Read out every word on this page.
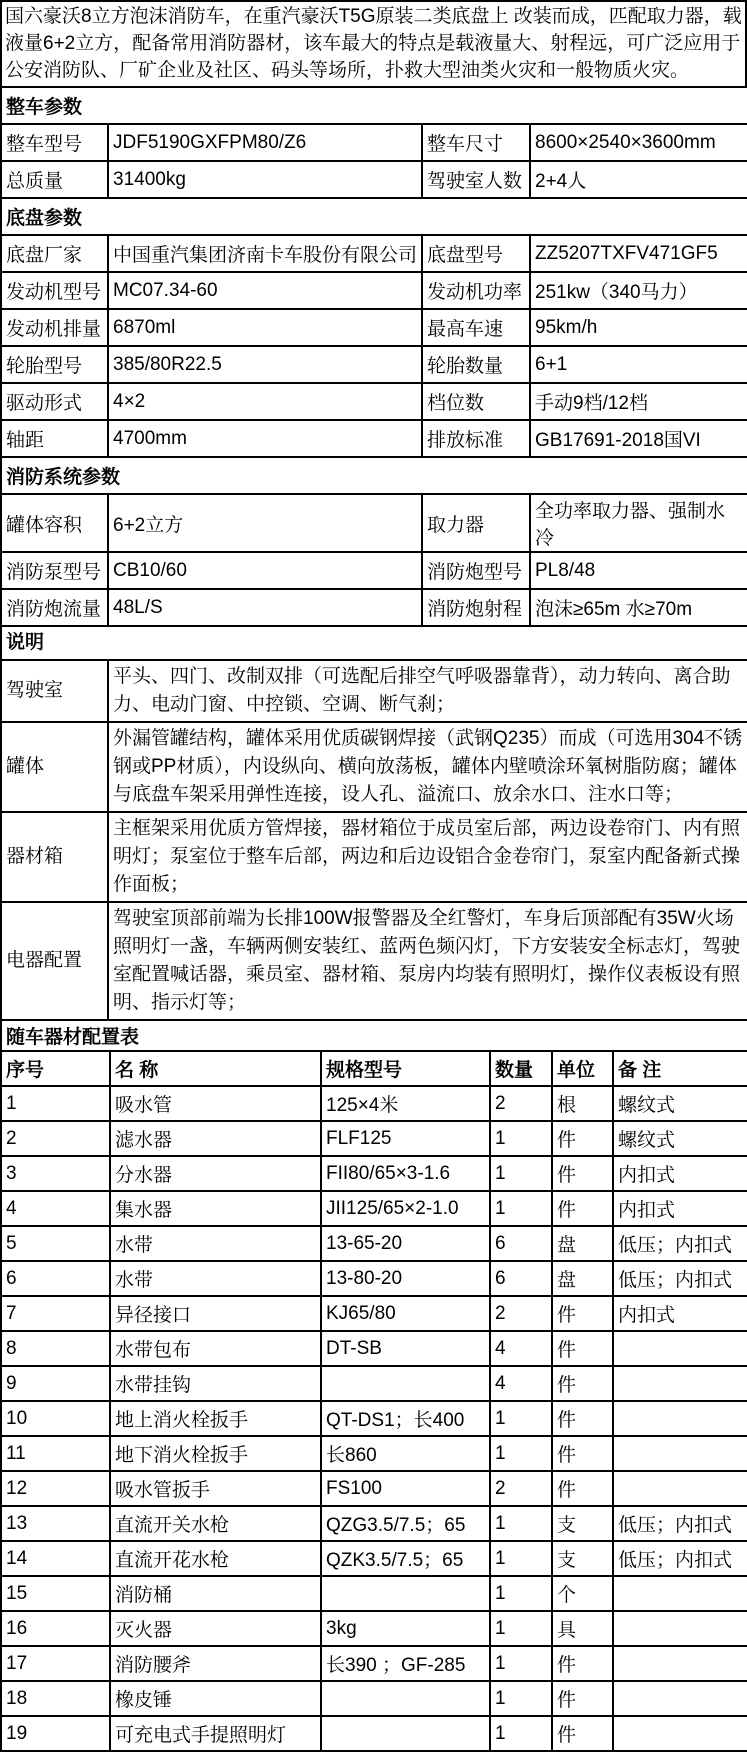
国六豪沃8立方泡沫消防车，在重汽豪沃T5G原装二类底盘上 改装而成，匹配取力器，载液量6+2立方，配备常用消防器材，该车最大的特点是载液量大、射程远，可广泛应用于公安消防队、厂矿企业及社区、码头等场所，扑救大型油类火灾和一般物质火灾。
整车参数			
整车型号	JDF5190GXFPM80/Z6	整车尺寸	8600×2540×3600mm
总质量	31400kg	驾驶室人数	2+4人
底盘参数			
底盘厂家	中国重汽集团济南卡车股份有限公司	底盘型号	ZZ5207TXFV471GF5
发动机型号	MC07.34-60	发动机功率	251kw（340马力）
发动机排量	6870ml	最高车速	95km/h
轮胎型号	385/80R22.5	轮胎数量	6+1
驱动形式	4×2	档位数	手动9档/12档
轴距	4700mm	排放标准	GB17691-2018国VI
消防系统参数			
罐体容积	6+2立方	取力器	全功率取力器、强制水冷
消防泵型号	CB10/60	消防炮型号	PL8/48
消防炮流量	48L/S	消防炮射程	泡沫≥65m 水≥70m
说明	
驾驶室	平头、四门、改制双排（可选配后排空气呼吸器靠背），动力转向、离合助力、电动门窗、中控锁、空调、断气刹；
罐体	外漏管罐结构，罐体采用优质碳钢焊接（武钢Q235）而成（可选用304不锈钢或PP材质），内设纵向、横向放荡板，罐体内壁喷涂环氧树脂防腐；罐体与底盘车架采用弹性连接，设人孔、溢流口、放余水口、注水口等；
器材箱	主框架采用优质方管焊接，器材箱位于成员室后部，两边设卷帘门、内有照明灯；泵室位于整车后部，两边和后边设铝合金卷帘门，泵室内配备新式操作面板；
电器配置	驾驶室顶部前端为长排100W报警器及全红警灯，车身后顶部配有35W火场照明灯一盏，车辆两侧安装红、蓝两色频闪灯，下方安装安全标志灯，驾驶室配置喊话器，乘员室、器材箱、泵房内均装有照明灯，操作仪表板设有照明、指示灯等；
随车器材配置表					
序号	名 称	规格型号	数量	单位	备 注
1	吸水管	125×4米	2	根	螺纹式
2	滤水器	FLF125	1	件	螺纹式
3	分水器	FII80/65×3-1.6	1	件	内扣式
4	集水器	JII125/65×2-1.0	1	件	内扣式
5	水带	13-65-20	6	盘	低压；内扣式
6	水带	13-80-20	6	盘	低压；内扣式
7	异径接口	KJ65/80	2	件	内扣式
8	水带包布	DT-SB	4	件	
9	水带挂钩		4	件	
10	地上消火栓扳手	QT-DS1；长400	1	件	
11	地下消火栓扳手	长860	1	件	
12	吸水管扳手	FS100	2	件	
13	直流开关水枪	QZG3.5/7.5；65	1	支	低压；内扣式
14	直流开花水枪	QZK3.5/7.5；65	1	支	低压；内扣式
15	消防桶		1	个	
16	灭火器	3kg	1	具	
17	消防腰斧	长390 ；GF-285	1	件	
18	橡皮锤		1	件	
19	可充电式手提照明灯		1	件	
